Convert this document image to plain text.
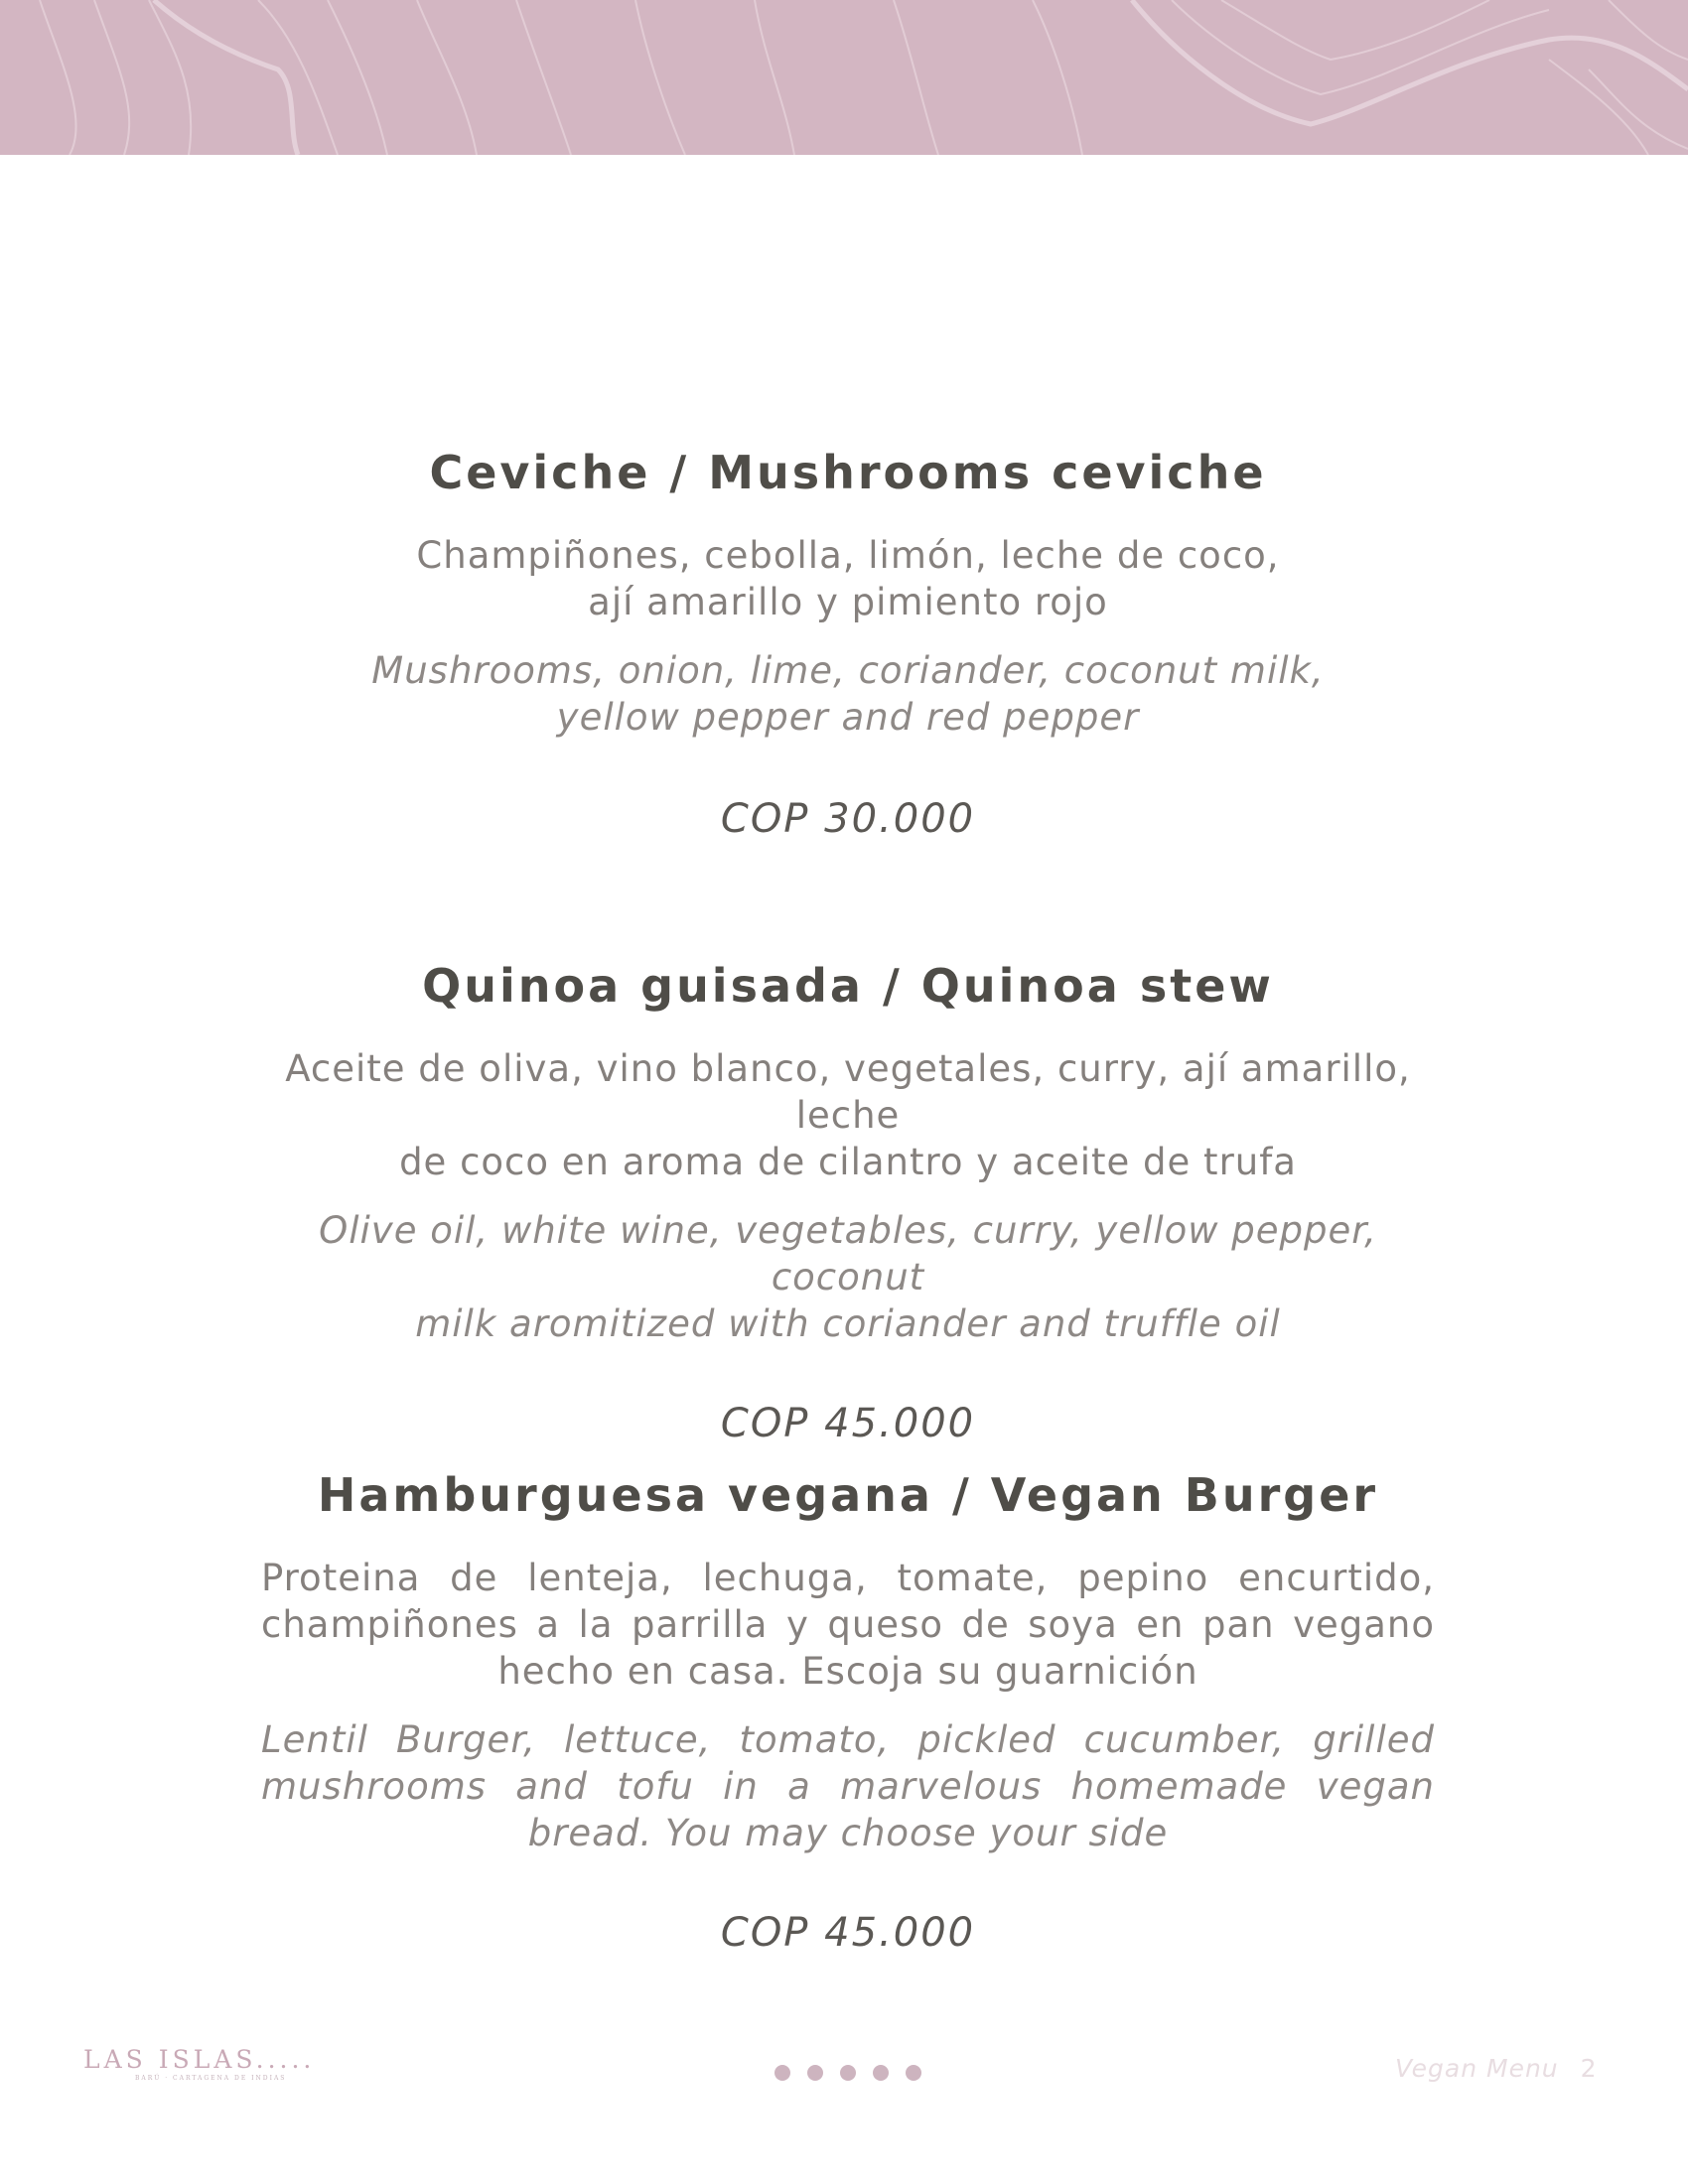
Ceviche / Mushrooms ceviche

Champiñones, cebolla, limón, leche de coco,

ají amarillo y pimiento rojo

Mushrooms, onion, lime, coriander, coconut milk,

yellow pepper and red pepper

COP 30.000

Quinoa guisada / Quinoa stew

Aceite de oliva, vino blanco, vegetales, curry, ají amarillo, leche

de coco en aroma de cilantro y aceite de trufa

Olive oil, white wine, vegetables, curry, yellow pepper, coconut

milk aromitized with coriander and truffle oil

COP 45.000

Hamburguesa vegana / Vegan Burger

Proteina de lenteja, lechuga, tomate, pepino encurtido, champiñones a la parrilla y queso de soya en pan vegano hecho en casa. Escoja su guarnición

Lentil Burger, lettuce, tomato, pickled cucumber, grilled mushrooms and tofu in a marvelous homemade vegan bread. You may choose your side

COP 45.000

LAS ISLAS.....
BARÚ · CARTAGENA DE INDIAS	Vegan Menu 2
